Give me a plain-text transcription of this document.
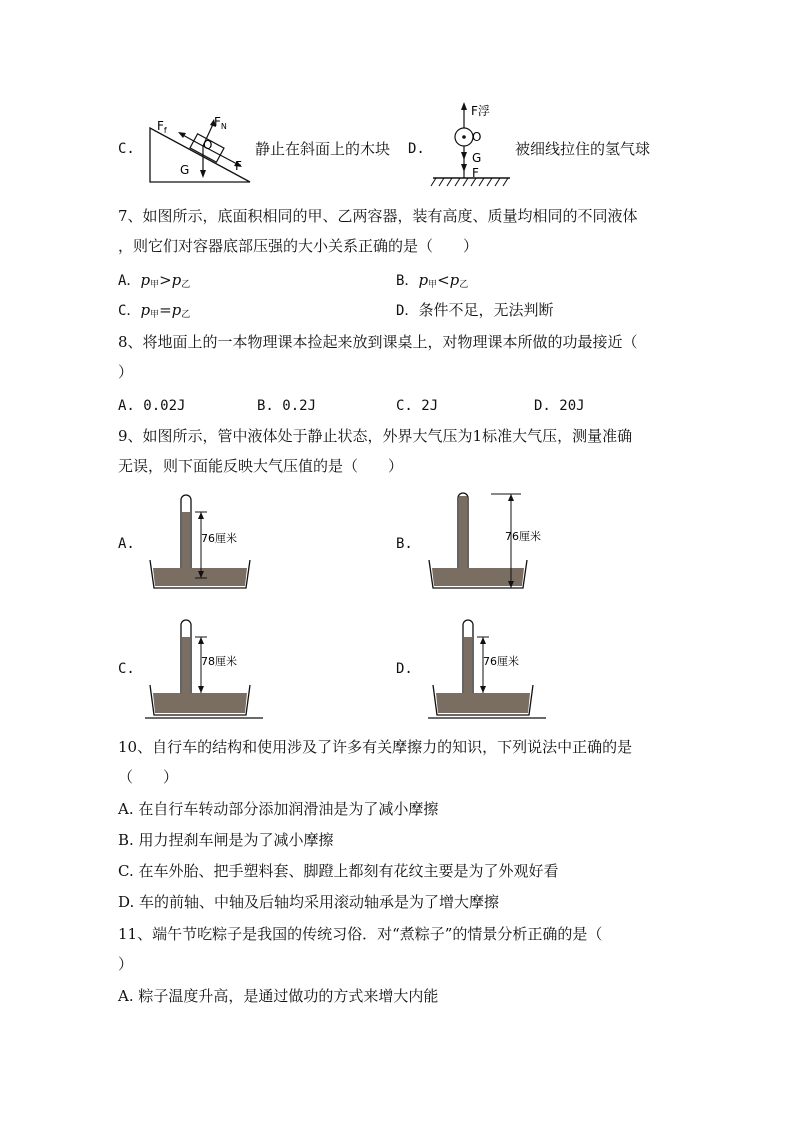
C.
$F_f$
$F_N$
O
G	F
静止在斜面上的木块 D.
F浮
O
G
F
被细线拉住的氢气球
7、如图所示，底面积相同的甲、乙两容器，装有高度、质量均相同的不同液体
，则它们对容器底部压强的大小关系正确的是（　　）
A．$p_甲>p_乙$	B．$p_甲<p_乙$
C．$p_甲=p_乙$	D．条件不足，无法判断
8、将地面上的一本物理课本捡起来放到课桌上，对物理课本所做的功最接近（
）
A. 0.02J	B. 0.2J	C. 2J	D. 20J
9、如图所示，管中液体处于静止状态，外界大气压为1标准大气压，测量准确
无误，则下面能反映大气压值的是（　　）
A.	76厘米	B.	76厘米
C.	78厘米	D.	76厘米
10、自行车的结构和使用涉及了许多有关摩擦力的知识，下列说法中正确的是
（　　）
A. 在自行车转动部分添加润滑油是为了减小摩擦
B. 用力捏刹车闸是为了减小摩擦
C. 在车外胎、把手塑料套、脚蹬上都刻有花纹主要是为了外观好看
D. 车的前轴、中轴及后轴均采用滚动轴承是为了增大摩擦
11、端午节吃粽子是我国的传统习俗．对“煮粽子”的情景分析正确的是（
）
A. 粽子温度升高，是通过做功的方式来增大内能
